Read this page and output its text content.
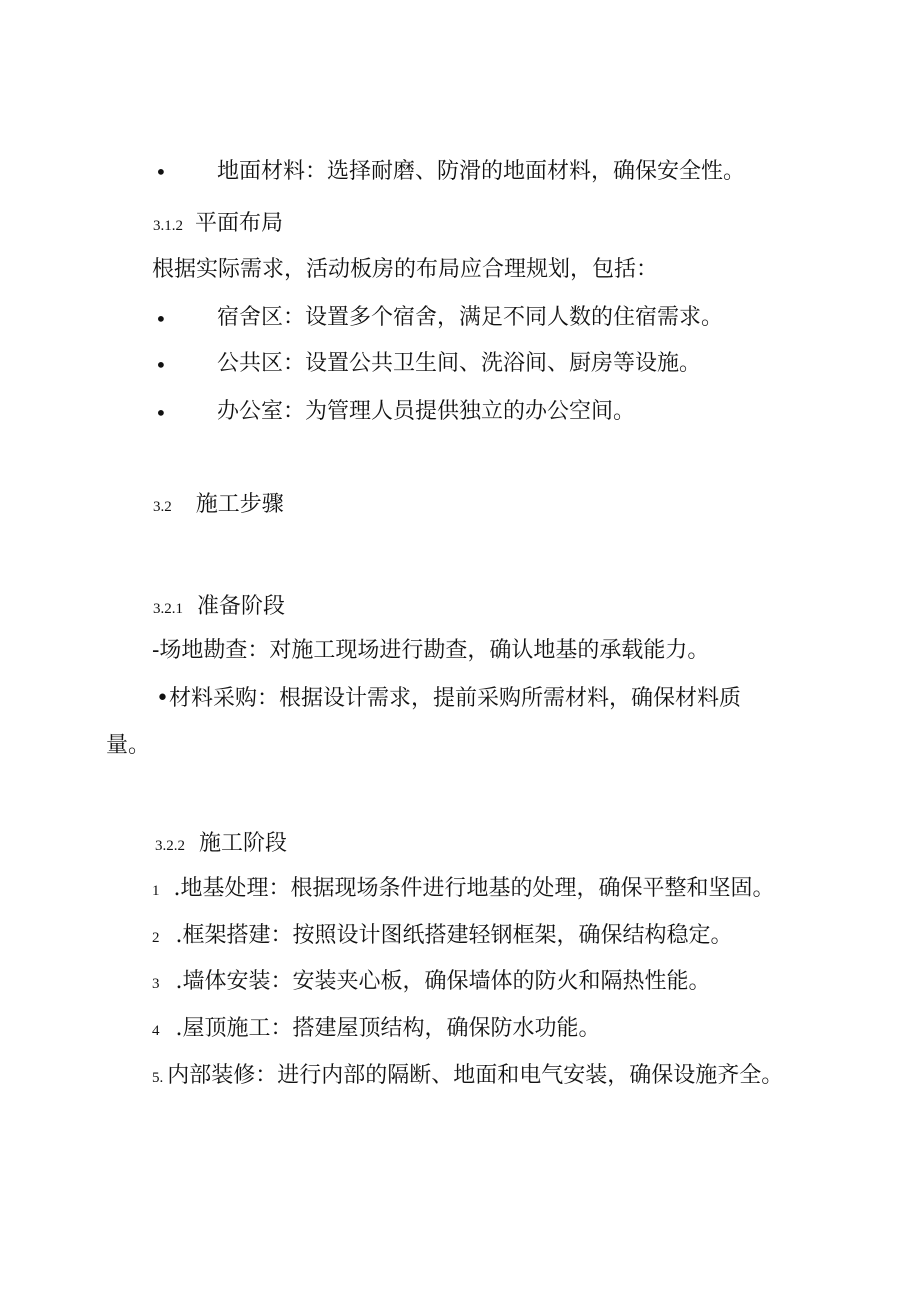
• 地面材料：选择耐磨、防滑的地面材料，确保安全性。
3.1.2 平面布局
根据实际需求，活动板房的布局应合理规划，包括：
• 宿舍区：设置多个宿舍，满足不同人数的住宿需求。
• 公共区：设置公共卫生间、洗浴间、厨房等设施。
• 办公室：为管理人员提供独立的办公空间。
3.2 施工步骤
3.2.1 准备阶段
-场地勘查：对施工现场进行勘查，确认地基的承载能力。
•材料采购：根据设计需求，提前采购所需材料，确保材料质
量。
3.2.2 施工阶段
1 .地基处理：根据现场条件进行地基的处理，确保平整和坚固。
2 .框架搭建：按照设计图纸搭建轻钢框架，确保结构稳定。
3 .墙体安装：安装夹心板，确保墙体的防火和隔热性能。
4 .屋顶施工：搭建屋顶结构，确保防水功能。
5. 内部装修：进行内部的隔断、地面和电气安装，确保设施齐全。
